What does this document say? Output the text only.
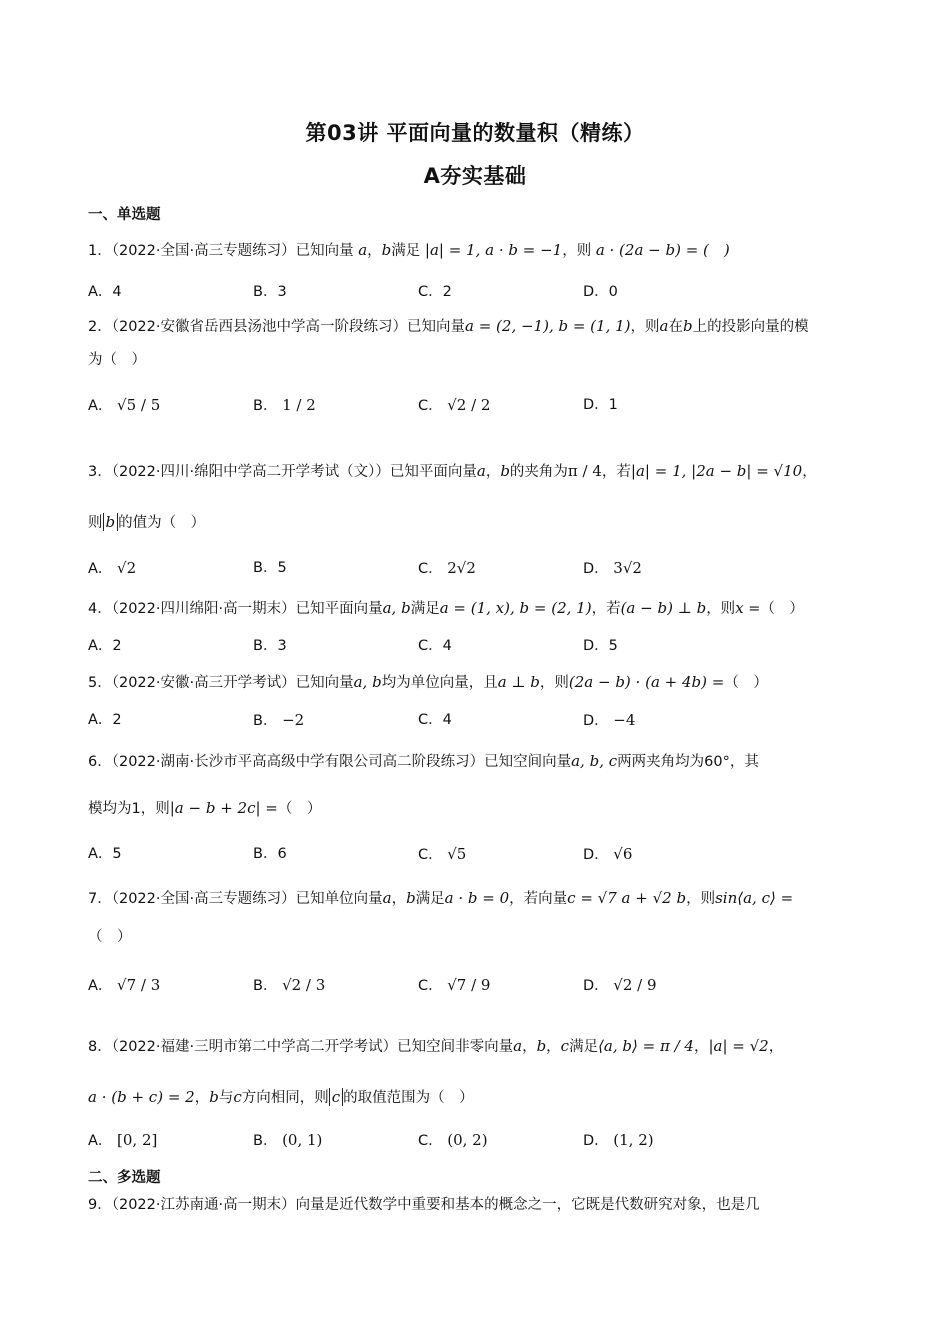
第03讲 平面向量的数量积（精练）
A夯实基础
一、单选题
1．（2022·全国·高三专题练习）已知向量 a，b满足 |a| = 1, a · b = −1，则 a · (2a − b) = (　)
A．4	B．3	C．2	D．0
2．（2022·安徽省岳西县汤池中学高一阶段练习）已知向量a = (2, −1), b = (1, 1)，则a在b上的投影向量的模
为（　）
A． √5 / 5	B． 1 / 2	C． √2 / 2	D．1
3．（2022·四川·绵阳中学高二开学考试（文））已知平面向量a，b的夹角为π / 4，若|a| = 1, |2a − b| = √10，
则 b 的值为（　）
A． √2	B．5	C． 2√2	D． 3√2
4．（2022·四川绵阳·高一期末）已知平面向量a, b满足a = (1, x), b = (2, 1)，若(a − b) ⊥ b，则x =（　）
A．2	B．3	C．4	D．5
5．（2022·安徽·高三开学考试）已知向量a, b均为单位向量，且a ⊥ b，则(2a − b) · (a + 4b) =（　）
A．2	B． −2	C．4	D． −4
6．（2022·湖南·长沙市平高高级中学有限公司高二阶段练习）已知空间向量a, b, c两两夹角均为60°，其
模均为1，则|a − b + 2c| =（　）
A．5	B．6	C． √5	D． √6
7．（2022·全国·高三专题练习）已知单位向量a，b满足a · b = 0，若向量c = √7 a + √2 b，则sin⟨a, c⟩ =
（　）
A． √7 / 3	B． √2 / 3	C． √7 / 9	D． √2 / 9
8．（2022·福建·三明市第二中学高二开学考试）已知空间非零向量a，b，c满足⟨a, b⟩ = π / 4，|a| = √2，
a · (b + c) = 2，b与c方向相同，则 c 的取值范围为（　）
A． [0, 2]	B． (0, 1)	C． (0, 2)	D． (1, 2)
二、多选题
9．（2022·江苏南通·高一期末）向量是近代数学中重要和基本的概念之一，它既是代数研究对象，也是几
